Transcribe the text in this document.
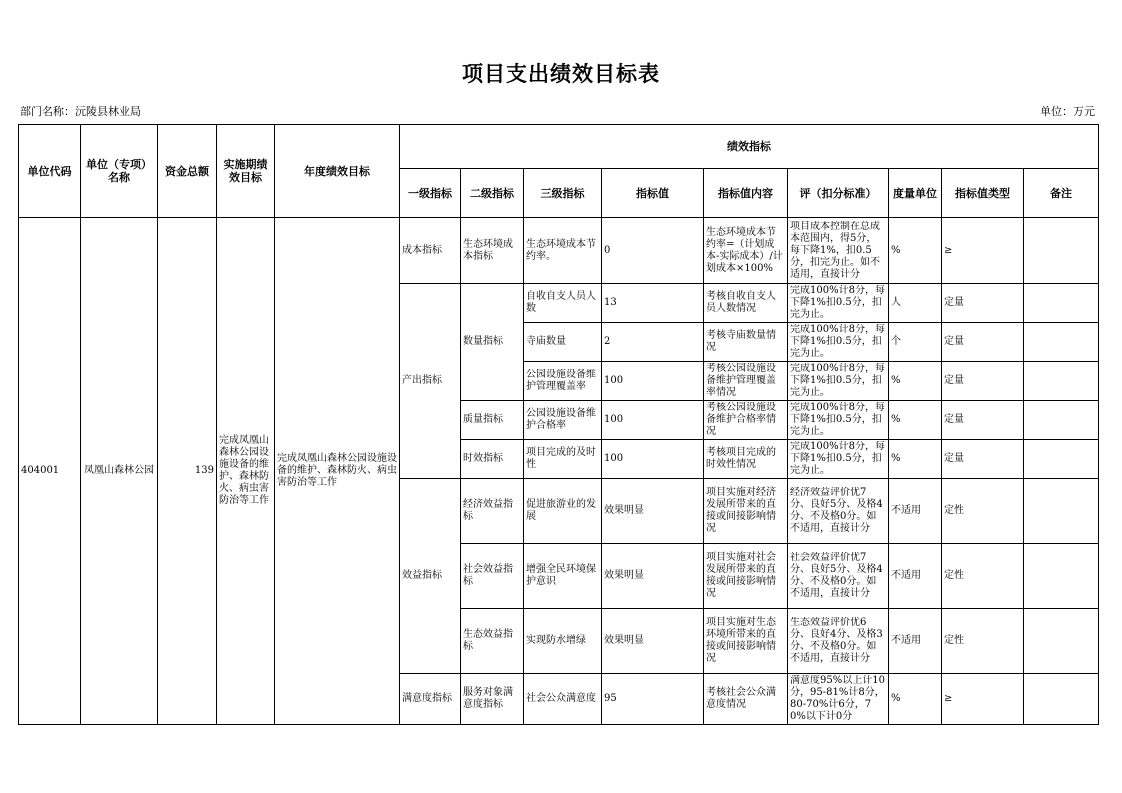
项目支出绩效目标表
部门名称：沅陵县林业局	单位：万元
单位代码	单位（专项）名称	资金总额	实施期绩效目标	年度绩效目标	绩效指标								
					一级指标	二级指标	三级指标	指标值	指标值内容	评（扣分标准）	度量单位	指标值类型	备注
404001	凤凰山森林公园	139	完成凤凰山森林公园设施设备的维护、森林防火、病虫害防治等工作	完成凤凰山森林公园设施设备的维护、森林防火、病虫害防治等工作	成本指标	生态环境成本指标	生态环境成本节约率。	0	生态环境成本节约率=（计划成本-实际成本）/计划成本×100%	项目成本控制在总成本范围内，得5分，每下降1%，扣0.5分，扣完为止。如不适用，直接计分	%	≥	
					产出指标	数量指标	自收自支人员人数	13	考核自收自支人员人数情况	完成100%计8分，每下降1%扣0.5分，扣完为止。	人	定量	
							寺庙数量	2	考核寺庙数量情况	完成100%计8分，每下降1%扣0.5分，扣完为止。	个	定量	

							公园设施设备维护管理覆盖率	100	考核公园设施设备维护管理覆盖率情况	完成100%计8分，每下降1%扣0.5分，扣完为止。	%	定量	
						质量指标	公园设施设备维护合格率	100	考核公园设施设备维护合格率情况	完成100%计8分，每下降1%扣0.5分，扣完为止。	%	定量	
						时效指标	项目完成的及时性	100	考核项目完成的时效性情况	完成100%计8分，每下降1%扣0.5分，扣完为止。	%	定量	
					效益指标	经济效益指标	促进旅游业的发展	效果明显	项目实施对经济发展所带来的直接或间接影响情况	经济效益评价优7分、良好5分、及格4分、不及格0分。如不适用，直接计分	不适用	定性	
						社会效益指标	增强全民环境保护意识	效果明显	项目实施对社会发展所带来的直接或间接影响情况	社会效益评价优7分、良好5分、及格4分、不及格0分。如不适用，直接计分	不适用	定性	
						生态效益指标	实现防水增绿	效果明显	项目实施对生态环境所带来的直接或间接影响情况	生态效益评价优6分、良好4分、及格3分、不及格0分。如不适用，直接计分	不适用	定性	
					满意度指标	服务对象满意度指标	社会公众满意度	95	考核社会公众满意度情况	满意度95%以上计10分，95-81%计8分，80-70%计6分，70%以下计0分	%	≥	
